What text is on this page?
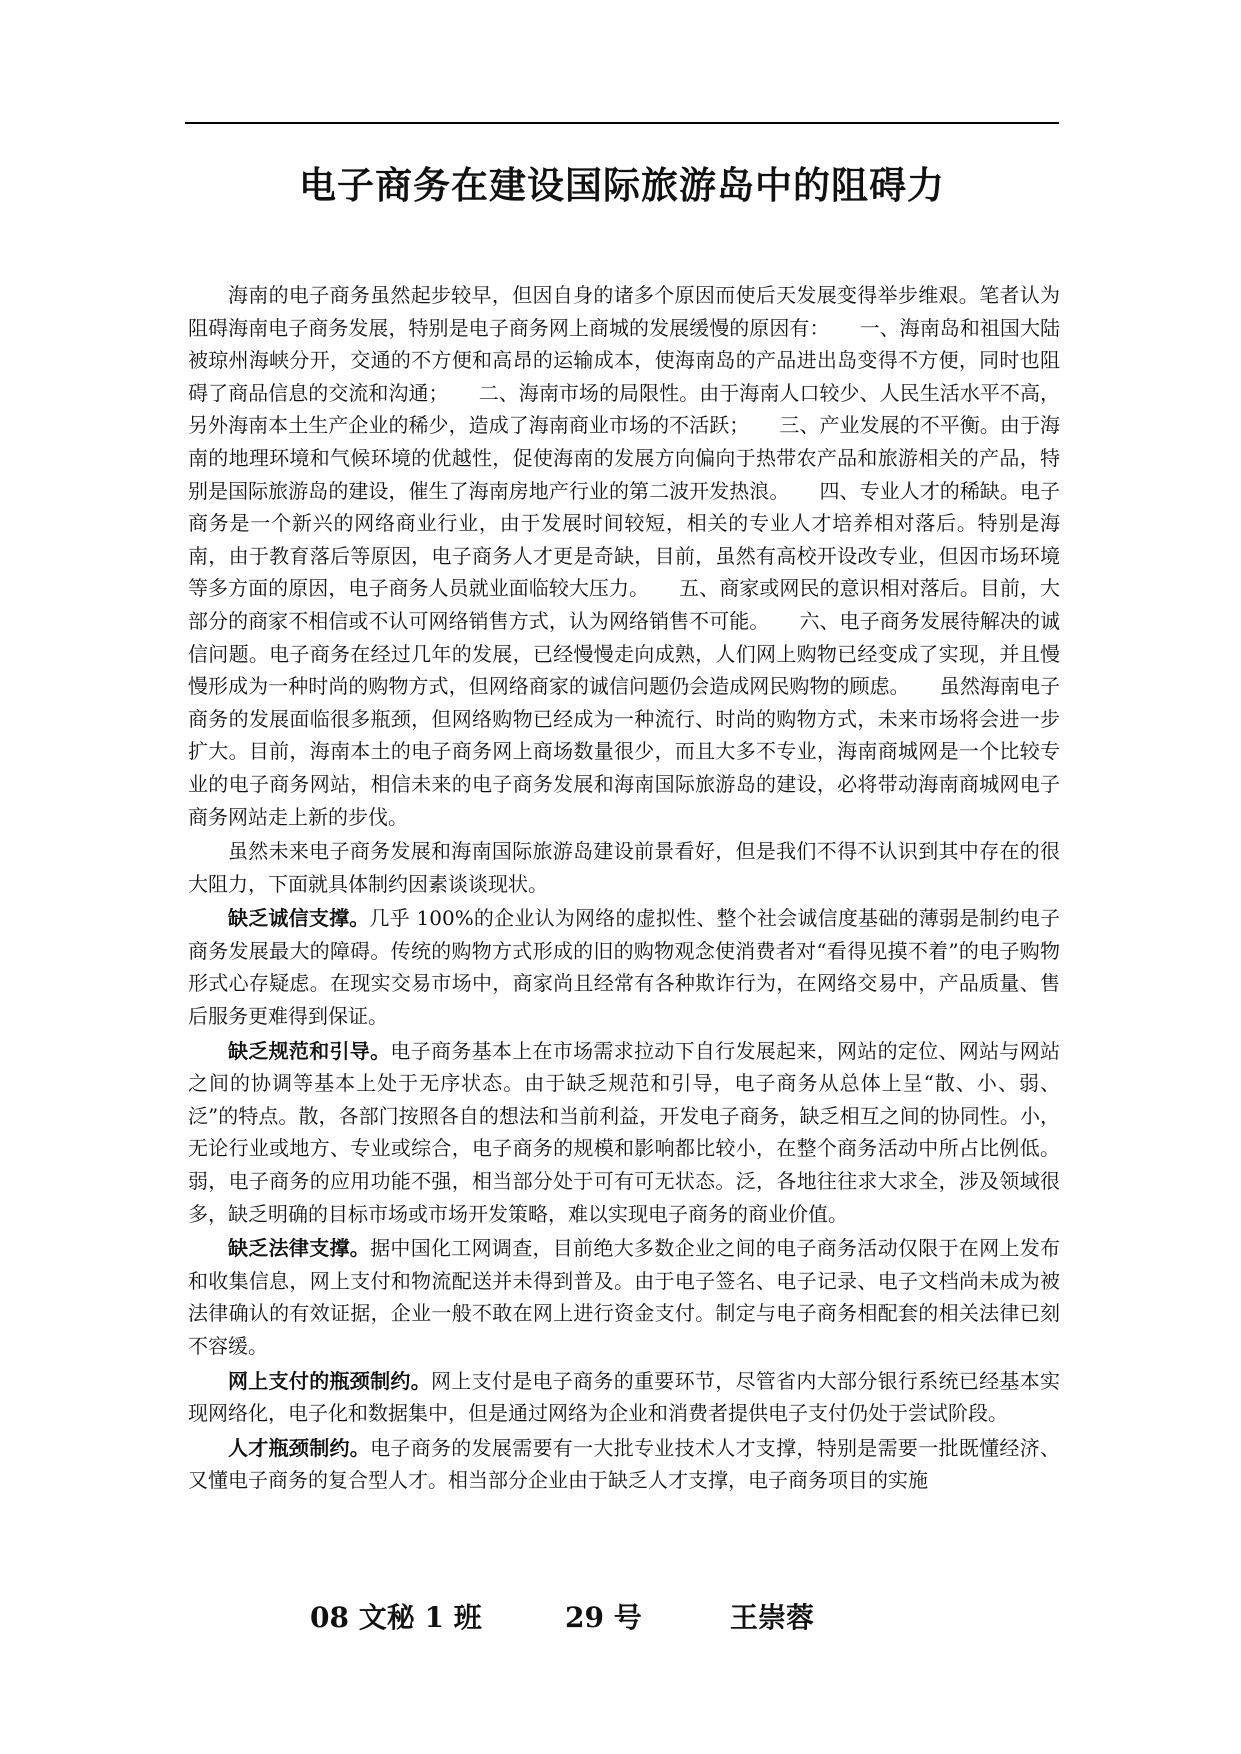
电子商务在建设国际旅游岛中的阻碍力

海南的电子商务虽然起步较早，但因自身的诸多个原因而使后天发展变得举步维艰。笔者认为阻碍海南电子商务发展，特别是电子商务网上商城的发展缓慢的原因有：　　一、海南岛和祖国大陆被琼州海峡分开，交通的不方便和高昂的运输成本，使海南岛的产品进出岛变得不方便，同时也阻碍了商品信息的交流和沟通；　　二、海南市场的局限性。由于海南人口较少、人民生活水平不高，另外海南本土生产企业的稀少，造成了海南商业市场的不活跃；　　三、产业发展的不平衡。由于海南的地理环境和气候环境的优越性，促使海南的发展方向偏向于热带农产品和旅游相关的产品，特别是国际旅游岛的建设，催生了海南房地产行业的第二波开发热浪。　　四、专业人才的稀缺。电子商务是一个新兴的网络商业行业，由于发展时间较短，相关的专业人才培养相对落后。特别是海南，由于教育落后等原因，电子商务人才更是奇缺，目前，虽然有高校开设改专业，但因市场环境等多方面的原因，电子商务人员就业面临较大压力。　　五、商家或网民的意识相对落后。目前，大部分的商家不相信或不认可网络销售方式，认为网络销售不可能。　　六、电子商务发展待解决的诚信问题。电子商务在经过几年的发展，已经慢慢走向成熟，人们网上购物已经变成了实现，并且慢慢形成为一种时尚的购物方式，但网络商家的诚信问题仍会造成网民购物的顾虑。　　虽然海南电子商务的发展面临很多瓶颈，但网络购物已经成为一种流行、时尚的购物方式，未来市场将会进一步扩大。目前，海南本土的电子商务网上商场数量很少，而且大多不专业，海南商城网是一个比较专业的电子商务网站，相信未来的电子商务发展和海南国际旅游岛的建设，必将带动海南商城网电子商务网站走上新的步伐。

虽然未来电子商务发展和海南国际旅游岛建设前景看好，但是我们不得不认识到其中存在的很大阻力，下面就具体制约因素谈谈现状。

缺乏诚信支撑。几乎 100%的企业认为网络的虚拟性、整个社会诚信度基础的薄弱是制约电子商务发展最大的障碍。传统的购物方式形成的旧的购物观念使消费者对“看得见摸不着”的电子购物形式心存疑虑。在现实交易市场中，商家尚且经常有各种欺诈行为，在网络交易中，产品质量、售后服务更难得到保证。

缺乏规范和引导。电子商务基本上在市场需求拉动下自行发展起来，网站的定位、网站与网站之间的协调等基本上处于无序状态。由于缺乏规范和引导，电子商务从总体上呈“散、小、弱、泛”的特点。散，各部门按照各自的想法和当前利益，开发电子商务，缺乏相互之间的协同性。小，无论行业或地方、专业或综合，电子商务的规模和影响都比较小，在整个商务活动中所占比例低。弱，电子商务的应用功能不强，相当部分处于可有可无状态。泛，各地往往求大求全，涉及领域很多，缺乏明确的目标市场或市场开发策略，难以实现电子商务的商业价值。

缺乏法律支撑。据中国化工网调查，目前绝大多数企业之间的电子商务活动仅限于在网上发布和收集信息，网上支付和物流配送并未得到普及。由于电子签名、电子记录、电子文档尚未成为被法律确认的有效证据，企业一般不敢在网上进行资金支付。制定与电子商务相配套的相关法律已刻不容缓。

网上支付的瓶颈制约。网上支付是电子商务的重要环节，尽管省内大部分银行系统已经基本实现网络化，电子化和数据集中，但是通过网络为企业和消费者提供电子支付仍处于尝试阶段。

人才瓶颈制约。电子商务的发展需要有一大批专业技术人才支撑，特别是需要一批既懂经济、又懂电子商务的复合型人才。相当部分企业由于缺乏人才支撑，电子商务项目的实施

08 文秘 1 班	29 号	王崇蓉
